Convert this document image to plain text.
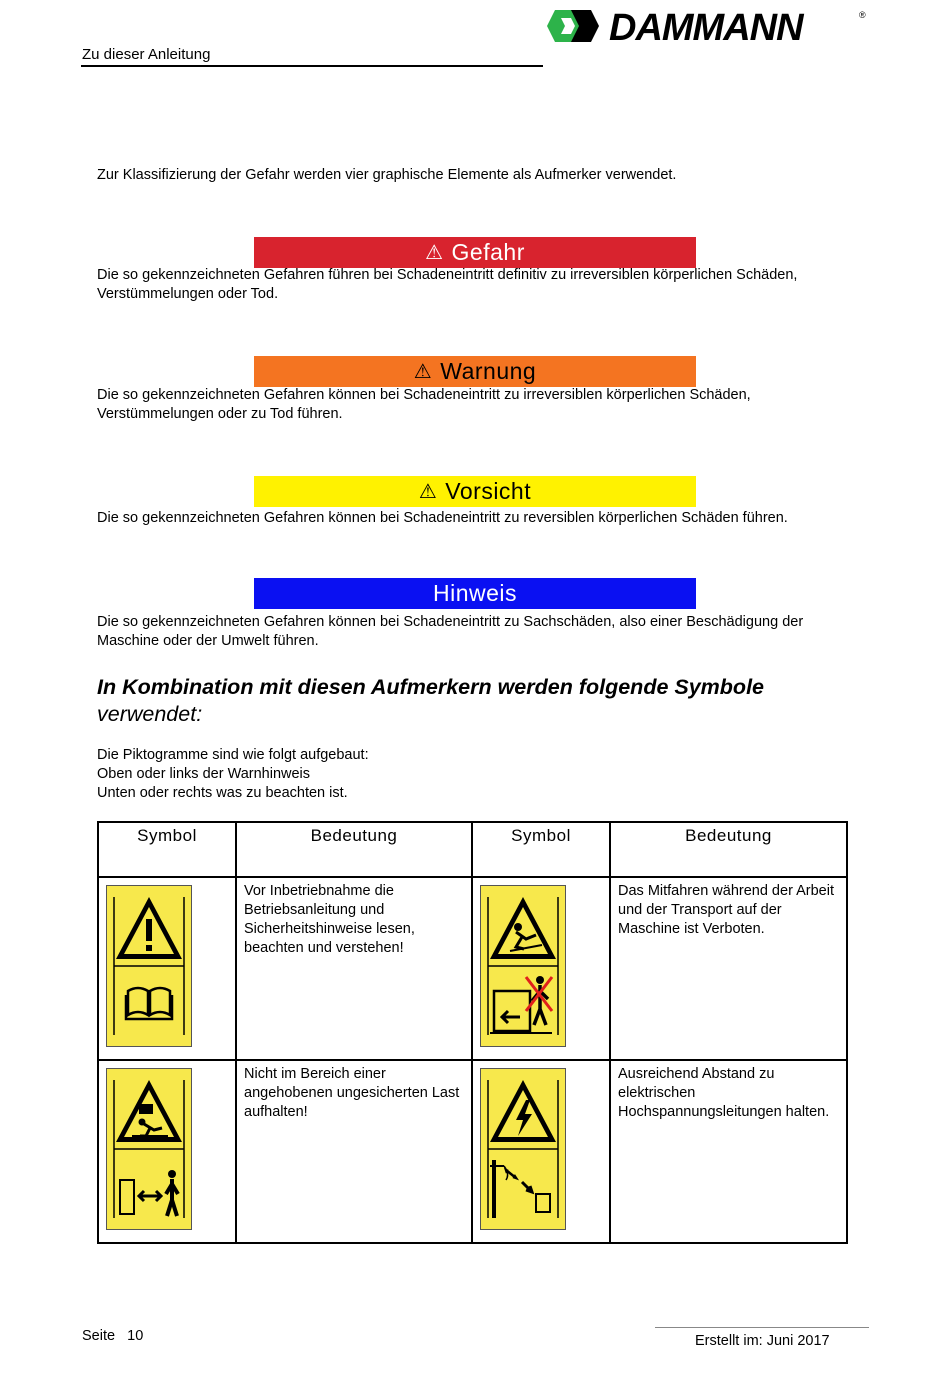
Zu dieser Anleitung
DAMMANN	®
Zur Klassifizierung der Gefahr werden vier graphische Elemente als Aufmerker verwendet.
⚠ Gefahr
Die so gekennzeichneten Gefahren führen bei Schadeneintritt definitiv zu irreversiblen körperlichen Schäden, Verstümmelungen oder Tod.
⚠ Warnung
Die so gekennzeichneten Gefahren können bei Schadeneintritt zu irreversiblen körperlichen Schäden, Verstümmelungen oder zu Tod führen.
⚠ Vorsicht
Die so gekennzeichneten Gefahren können bei Schadeneintritt zu reversiblen körperlichen Schäden führen.
Hinweis
Die so gekennzeichneten Gefahren können bei Schadeneintritt zu Sachschäden, also einer Beschädigung der Maschine oder der Umwelt führen.
In Kombination mit diesen Aufmerkern werden folgende Symbole
verwendet:
Die Piktogramme sind wie folgt aufgebaut:
Oben oder links der Warnhinweis
Unten oder rechts was zu beachten ist.
Symbol	Bedeutung	Symbol	Bedeutung
	Vor Inbetriebnahme die Betriebsanleitung und Sicherheitshinweise lesen, beachten und verstehen!		Das Mitfahren während der Arbeit und der Transport auf der Maschine ist Verboten.
	Nicht im Bereich einer angehobenen ungesicherten Last aufhalten!		Ausreichend Abstand zu elektrischen Hochspannungsleitungen halten.
Seite 10	Erstellt im: Juni 2017
